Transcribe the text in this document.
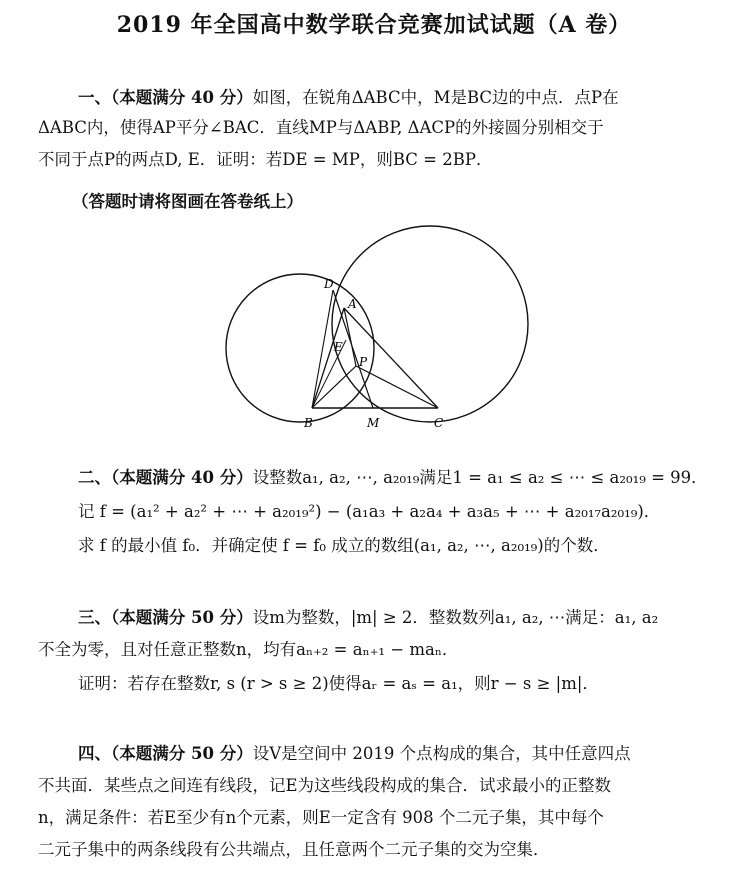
2019 年全国高中数学联合竞赛加试试题（A 卷）
一、（本题满分 40 分）如图，在锐角ΔABC中，M是BC边的中点．点P在
ΔABC内，使得AP平分∠BAC．直线MP与ΔABP, ΔACP的外接圆分别相交于
不同于点P的两点D, E．证明：若DE = MP，则BC = 2BP．
（答题时请将图画在答卷纸上）
D
A
E
P
B	M	C
二、（本题满分 40 分）设整数a₁, a₂, ⋯, a₂₀₁₉满足1 = a₁ ≤ a₂ ≤ ⋯ ≤ a₂₀₁₉ = 99．
记 f = (a₁² + a₂² + ⋯ + a₂₀₁₉²) − (a₁a₃ + a₂a₄ + a₃a₅ + ⋯ + a₂₀₁₇a₂₀₁₉)．
求 f 的最小值 f₀．并确定使 f = f₀ 成立的数组(a₁, a₂, ⋯, a₂₀₁₉)的个数．
三、（本题满分 50 分）设m为整数，|m| ≥ 2．整数数列a₁, a₂, ⋯满足：a₁, a₂
不全为零，且对任意正整数n，均有aₙ₊₂ = aₙ₊₁ − maₙ．
证明：若存在整数r, s (r > s ≥ 2)使得aᵣ = aₛ = a₁，则r − s ≥ |m|．
四、（本题满分 50 分）设V是空间中 2019 个点构成的集合，其中任意四点
不共面．某些点之间连有线段，记E为这些线段构成的集合．试求最小的正整数
n，满足条件：若E至少有n个元素，则E一定含有 908 个二元子集，其中每个
二元子集中的两条线段有公共端点，且任意两个二元子集的交为空集．
